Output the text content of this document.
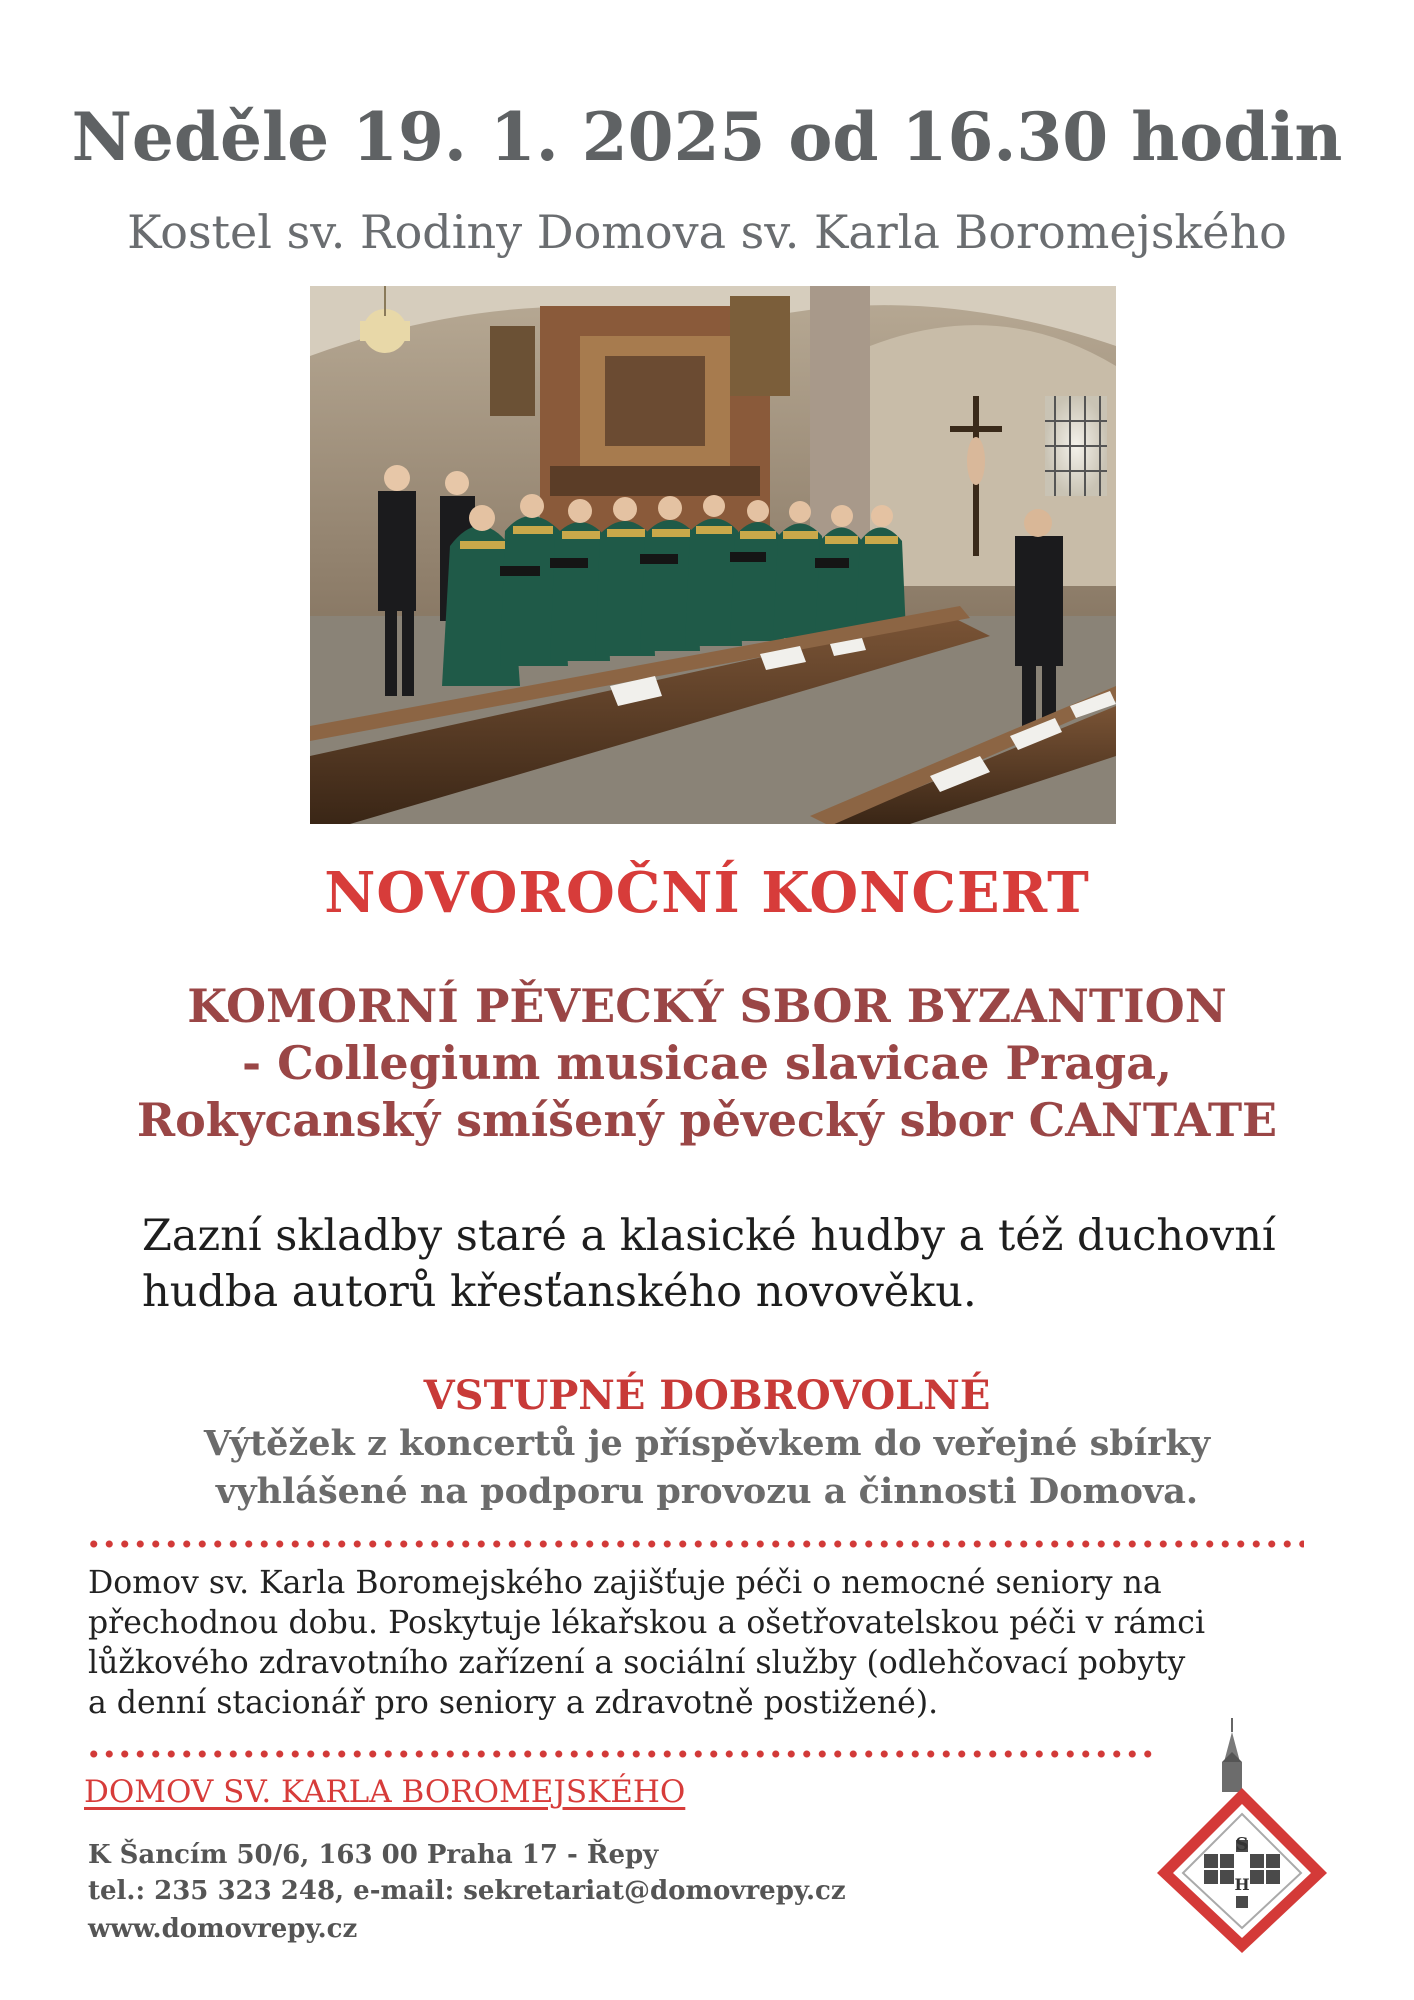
Neděle 19. 1. 2025 od 16.30 hodin
Kostel sv. Rodiny Domova sv. Karla Boromejského
NOVOROČNÍ KONCERT
KOMORNÍ PĚVECKÝ SBOR BYZANTION
- Collegium musicae slavicae Praga,
Rokycanský smíšený pěvecký sbor CANTATE
Zazní skladby staré a klasické hudby a též duchovní
hudba autorů křesťanského novověku.
VSTUPNÉ DOBROVOLNÉ
Výtěžek z koncertů je příspěvkem do veřejné sbírky
vyhlášené na podporu provozu a činnosti Domova.
Domov sv. Karla Boromejského zajišťuje péči o nemocné seniory na
přechodnou dobu. Poskytuje lékařskou a ošetřovatelskou péči v rámci
lůžkového zdravotního zařízení a sociální služby (odlehčovací pobyty
a denní stacionář pro seniory a zdravotně postižené).
DOMOV SV. KARLA BOROMEJSKÉHO
K Šancím 50/6, 163 00 Praha 17 - Řepy
tel.: 235 323 248, e-mail: sekretariat@domovrepy.cz
www.domovrepy.cz
S
H
